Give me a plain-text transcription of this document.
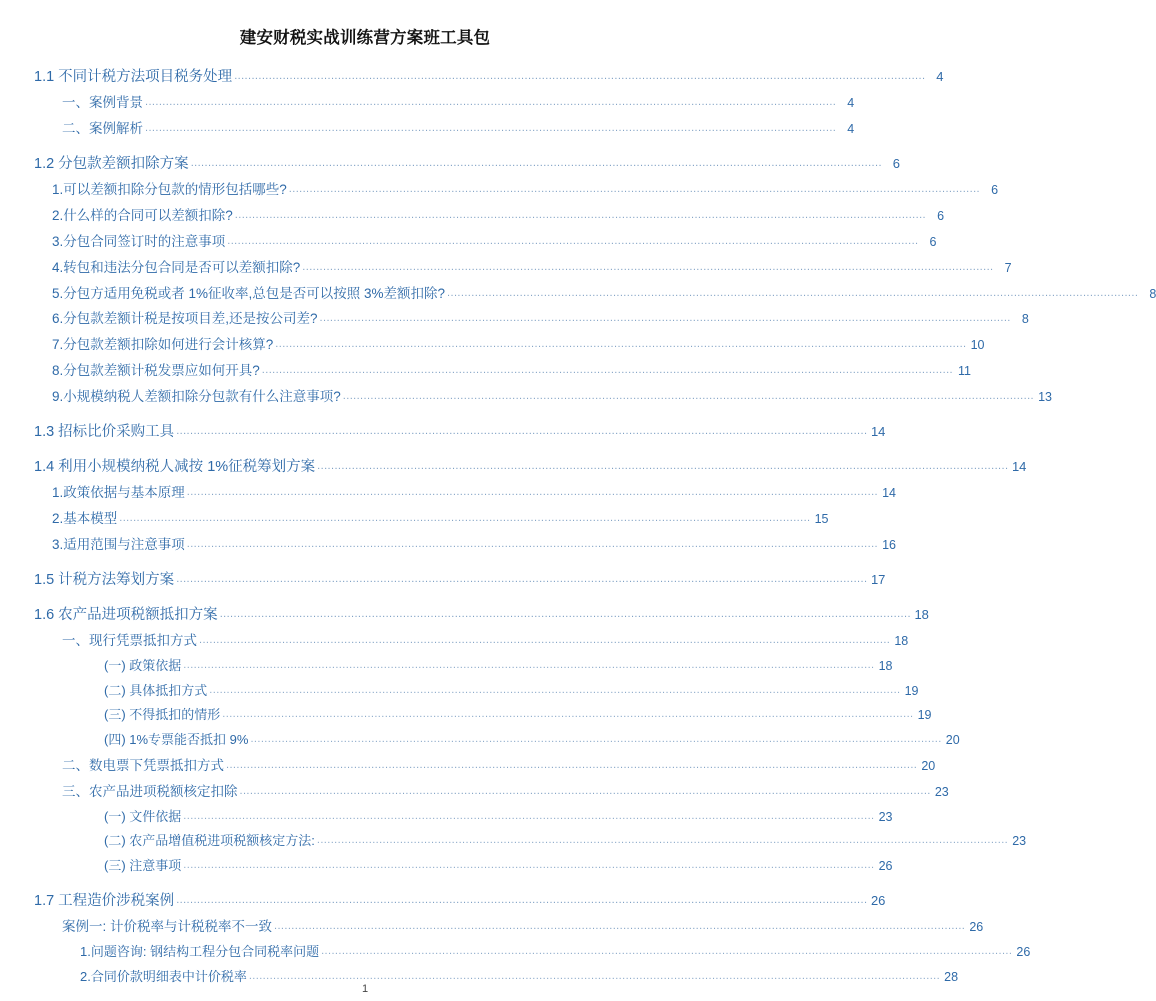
建安财税实战训练营方案班工具包
1.1 不同计税方法项目税务处理 .....	4
一、案例背景 .....	4
二、案例解析 .....	4
1.2 分包款差额扣除方案 .....	6
1.可以差额扣除分包款的情形包括哪些? .....	6
2.什么样的合同可以差额扣除? .....	6
3.分包合同签订时的注意事项 .....	6
4.转包和违法分包合同是否可以差额扣除? .....	7
5.分包方适用免税或者 1%征收率,总包是否可以按照 3%差额扣除? .....	8
6.分包款差额计税是按项目差,还是按公司差? .....	8
7.分包款差额扣除如何进行会计核算? .....	10
8.分包款差额计税发票应如何开具? .....	11
9.小规模纳税人差额扣除分包款有什么注意事项? .....	13
1.3 招标比价采购工具 .....	14
1.4 利用小规模纳税人减按 1%征税筹划方案 .....	14
1.政策依据与基本原理 .....	14
2.基本模型 .....	15
3.适用范围与注意事项 .....	16
1.5 计税方法筹划方案 .....	17
1.6 农产品进项税额抵扣方案 .....	18
一、现行凭票抵扣方式 .....	18
(一) 政策依据 .....	18
(二) 具体抵扣方式 .....	19
(三) 不得抵扣的情形 .....	19
(四) 1%专票能否抵扣 9% .....	20
二、数电票下凭票抵扣方式 .....	20
三、农产品进项税额核定扣除 .....	23
(一) 文件依据 .....	23
(二) 农产品增值税进项税额核定方法: .....	23
(三) 注意事项 .....	26
1.7 工程造价涉税案例 .....	26
案例一: 计价税率与计税税率不一致 .....	26
1.问题咨询: 钢结构工程分包合同税率问题 .....	26
2.合同价款明细表中计价税率 .....	28
1
